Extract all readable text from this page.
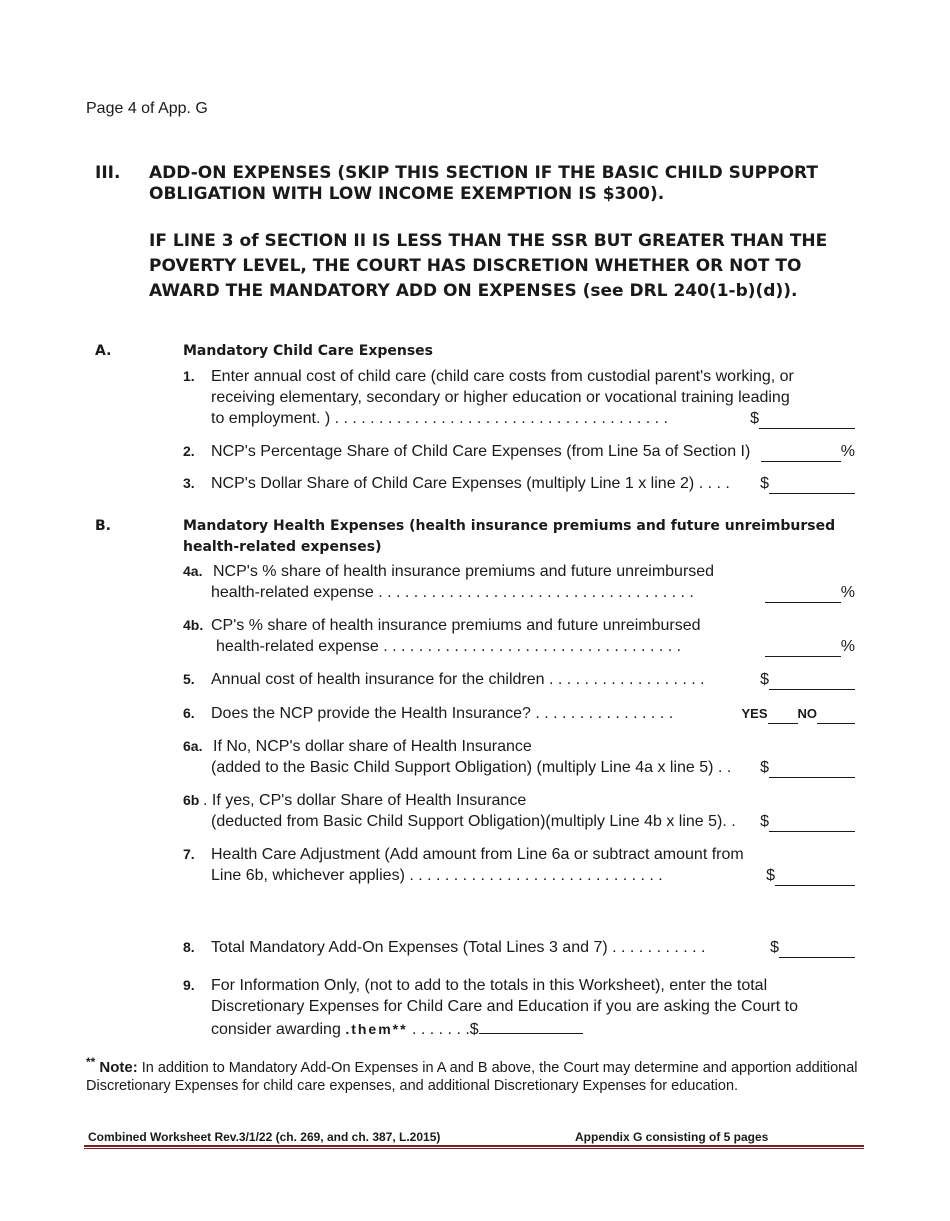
Page 4 of App. G
III. ADD-ON EXPENSES (SKIP THIS SECTION IF THE BASIC CHILD SUPPORT OBLIGATION WITH LOW INCOME EXEMPTION IS $300).
IF LINE 3 of SECTION II IS LESS THAN THE SSR BUT GREATER THAN THE POVERTY LEVEL, THE COURT HAS DISCRETION WHETHER OR NOT TO AWARD THE MANDATORY ADD ON EXPENSES (see DRL 240(1-b)(d)).
A.	Mandatory Child Care Expenses
1.	Enter annual cost of child care (child care costs from custodial parent's working, or
receiving elementary, secondary or higher education or vocational training leading
to employment. ) . . . . . . . . . . . . . . . . . . . . . . . . . . . . . . . . . . . . . .	$
2.	NCP's Percentage Share of Child Care Expenses (from Line 5a of Section I)	%
3.	NCP's Dollar Share of Child Care Expenses (multiply Line 1 x line 2) . . . .	$
B.	Mandatory Health Expenses (health insurance premiums and future unreimbursed health-related expenses)
4a. NCP's % share of health insurance premiums and future unreimbursed
health-related expense . . . . . . . . . . . . . . . . . . . . . . . . . . . . . . . . . . . .	%
4b. CP's % share of health insurance premiums and future unreimbursed
health-related expense . . . . . . . . . . . . . . . . . . . . . . . . . . . . . . . . . .	%
5.	Annual cost of health insurance for the children . . . . . . . . . . . . . . . . . .	$
6.	Does the NCP provide the Health Insurance? . . . . . . . . . . . . . . . .	YES NO
6a. If No, NCP's dollar share of Health Insurance
(added to the Basic Child Support Obligation) (multiply Line 4a x line 5) . .	$
6b . If yes, CP's dollar Share of Health Insurance
(deducted from Basic Child Support Obligation)(multiply Line 4b x line 5). .	$
7.	Health Care Adjustment (Add amount from Line 6a or subtract amount from
Line 6b, whichever applies) . . . . . . . . . . . . . . . . . . . . . . . . . . . . .	$
8.	Total Mandatory Add-On Expenses (Total Lines 3 and 7) . . . . . . . . . . .	$
9.	For Information Only, (not to add to the totals in this Worksheet), enter the total
Discretionary Expenses for Child Care and Education if you are asking the Court to
consider awarding .them** . . . . . . .$
** Note: In addition to Mandatory Add-On Expenses in A and B above, the Court may determine and apportion additional Discretionary Expenses for child care expenses, and additional Discretionary Expenses for education.
Combined Worksheet Rev.3/1/22 (ch. 269, and ch. 387, L.2015)	Appendix G consisting of 5 pages
